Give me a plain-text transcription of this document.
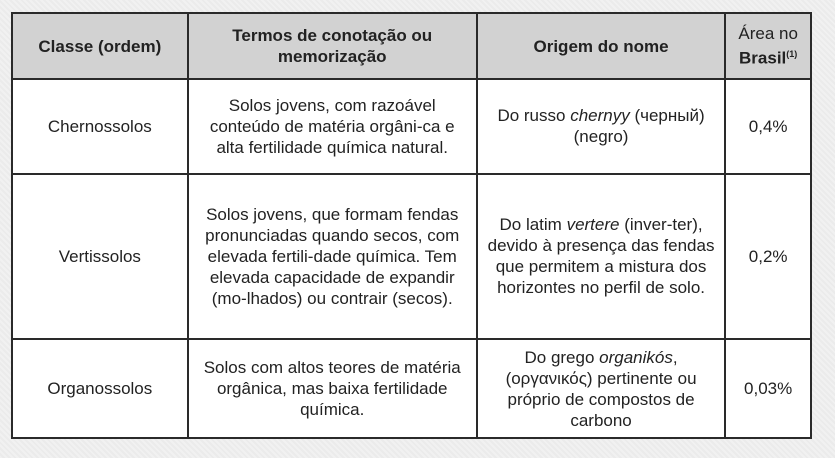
Classe (ordem)	Termos de conotação ou memorização	Origem do nome	Área no
Brasil$^{(1)}$

Chernossolos	Solos jovens, com razoável conteúdo de matéria orgâni-ca e alta fertilidade química natural.	Do russo chernyy (черный) (negro)	0,4%
Vertissolos	Solos jovens, que formam fendas pronunciadas quando secos, com elevada fertili-dade química. Tem elevada capacidade de expandir (mo-lhados) ou contrair (secos).	Do latim vertere (inver-ter), devido à presença das fendas que permitem a mistura dos horizontes no perfil de solo.	0,2%
Organossolos	Solos com altos teores de matéria orgânica, mas baixa fertilidade química.	Do grego organikós, (οργανικός) pertinente ou próprio de compostos de carbono	0,03%
